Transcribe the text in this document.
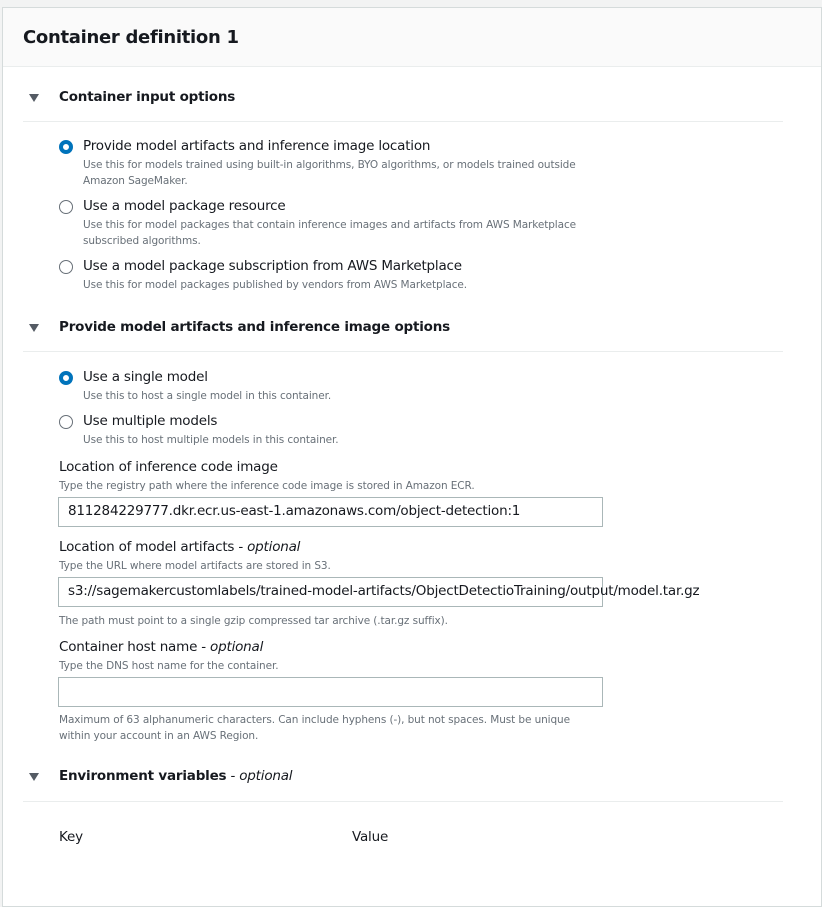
Container definition 1
Container input options
Provide model artifacts and inference image location
Use this for models trained using built-in algorithms, BYO algorithms, or models trained outside Amazon SageMaker.
Use a model package resource
Use this for model packages that contain inference images and artifacts from AWS Marketplace subscribed algorithms.
Use a model package subscription from AWS Marketplace
Use this for model packages published by vendors from AWS Marketplace.
Provide model artifacts and inference image options
Use a single model
Use this to host a single model in this container.
Use multiple models
Use this to host multiple models in this container.
Location of inference code image
Type the registry path where the inference code image is stored in Amazon ECR.
811284229777.dkr.ecr.us-east-1.amazonaws.com/object-detection:1
Location of model artifacts - optional
Type the URL where model artifacts are stored in S3.
s3://sagemakercustomlabels/trained-model-artifacts/ObjectDetectioTraining/output/model.tar.gz
The path must point to a single gzip compressed tar archive (.tar.gz suffix).
Container host name - optional
Type the DNS host name for the container.
Maximum of 63 alphanumeric characters. Can include hyphens (-), but not spaces. Must be unique within your account in an AWS Region.
Environment variables - optional
Key	Value
